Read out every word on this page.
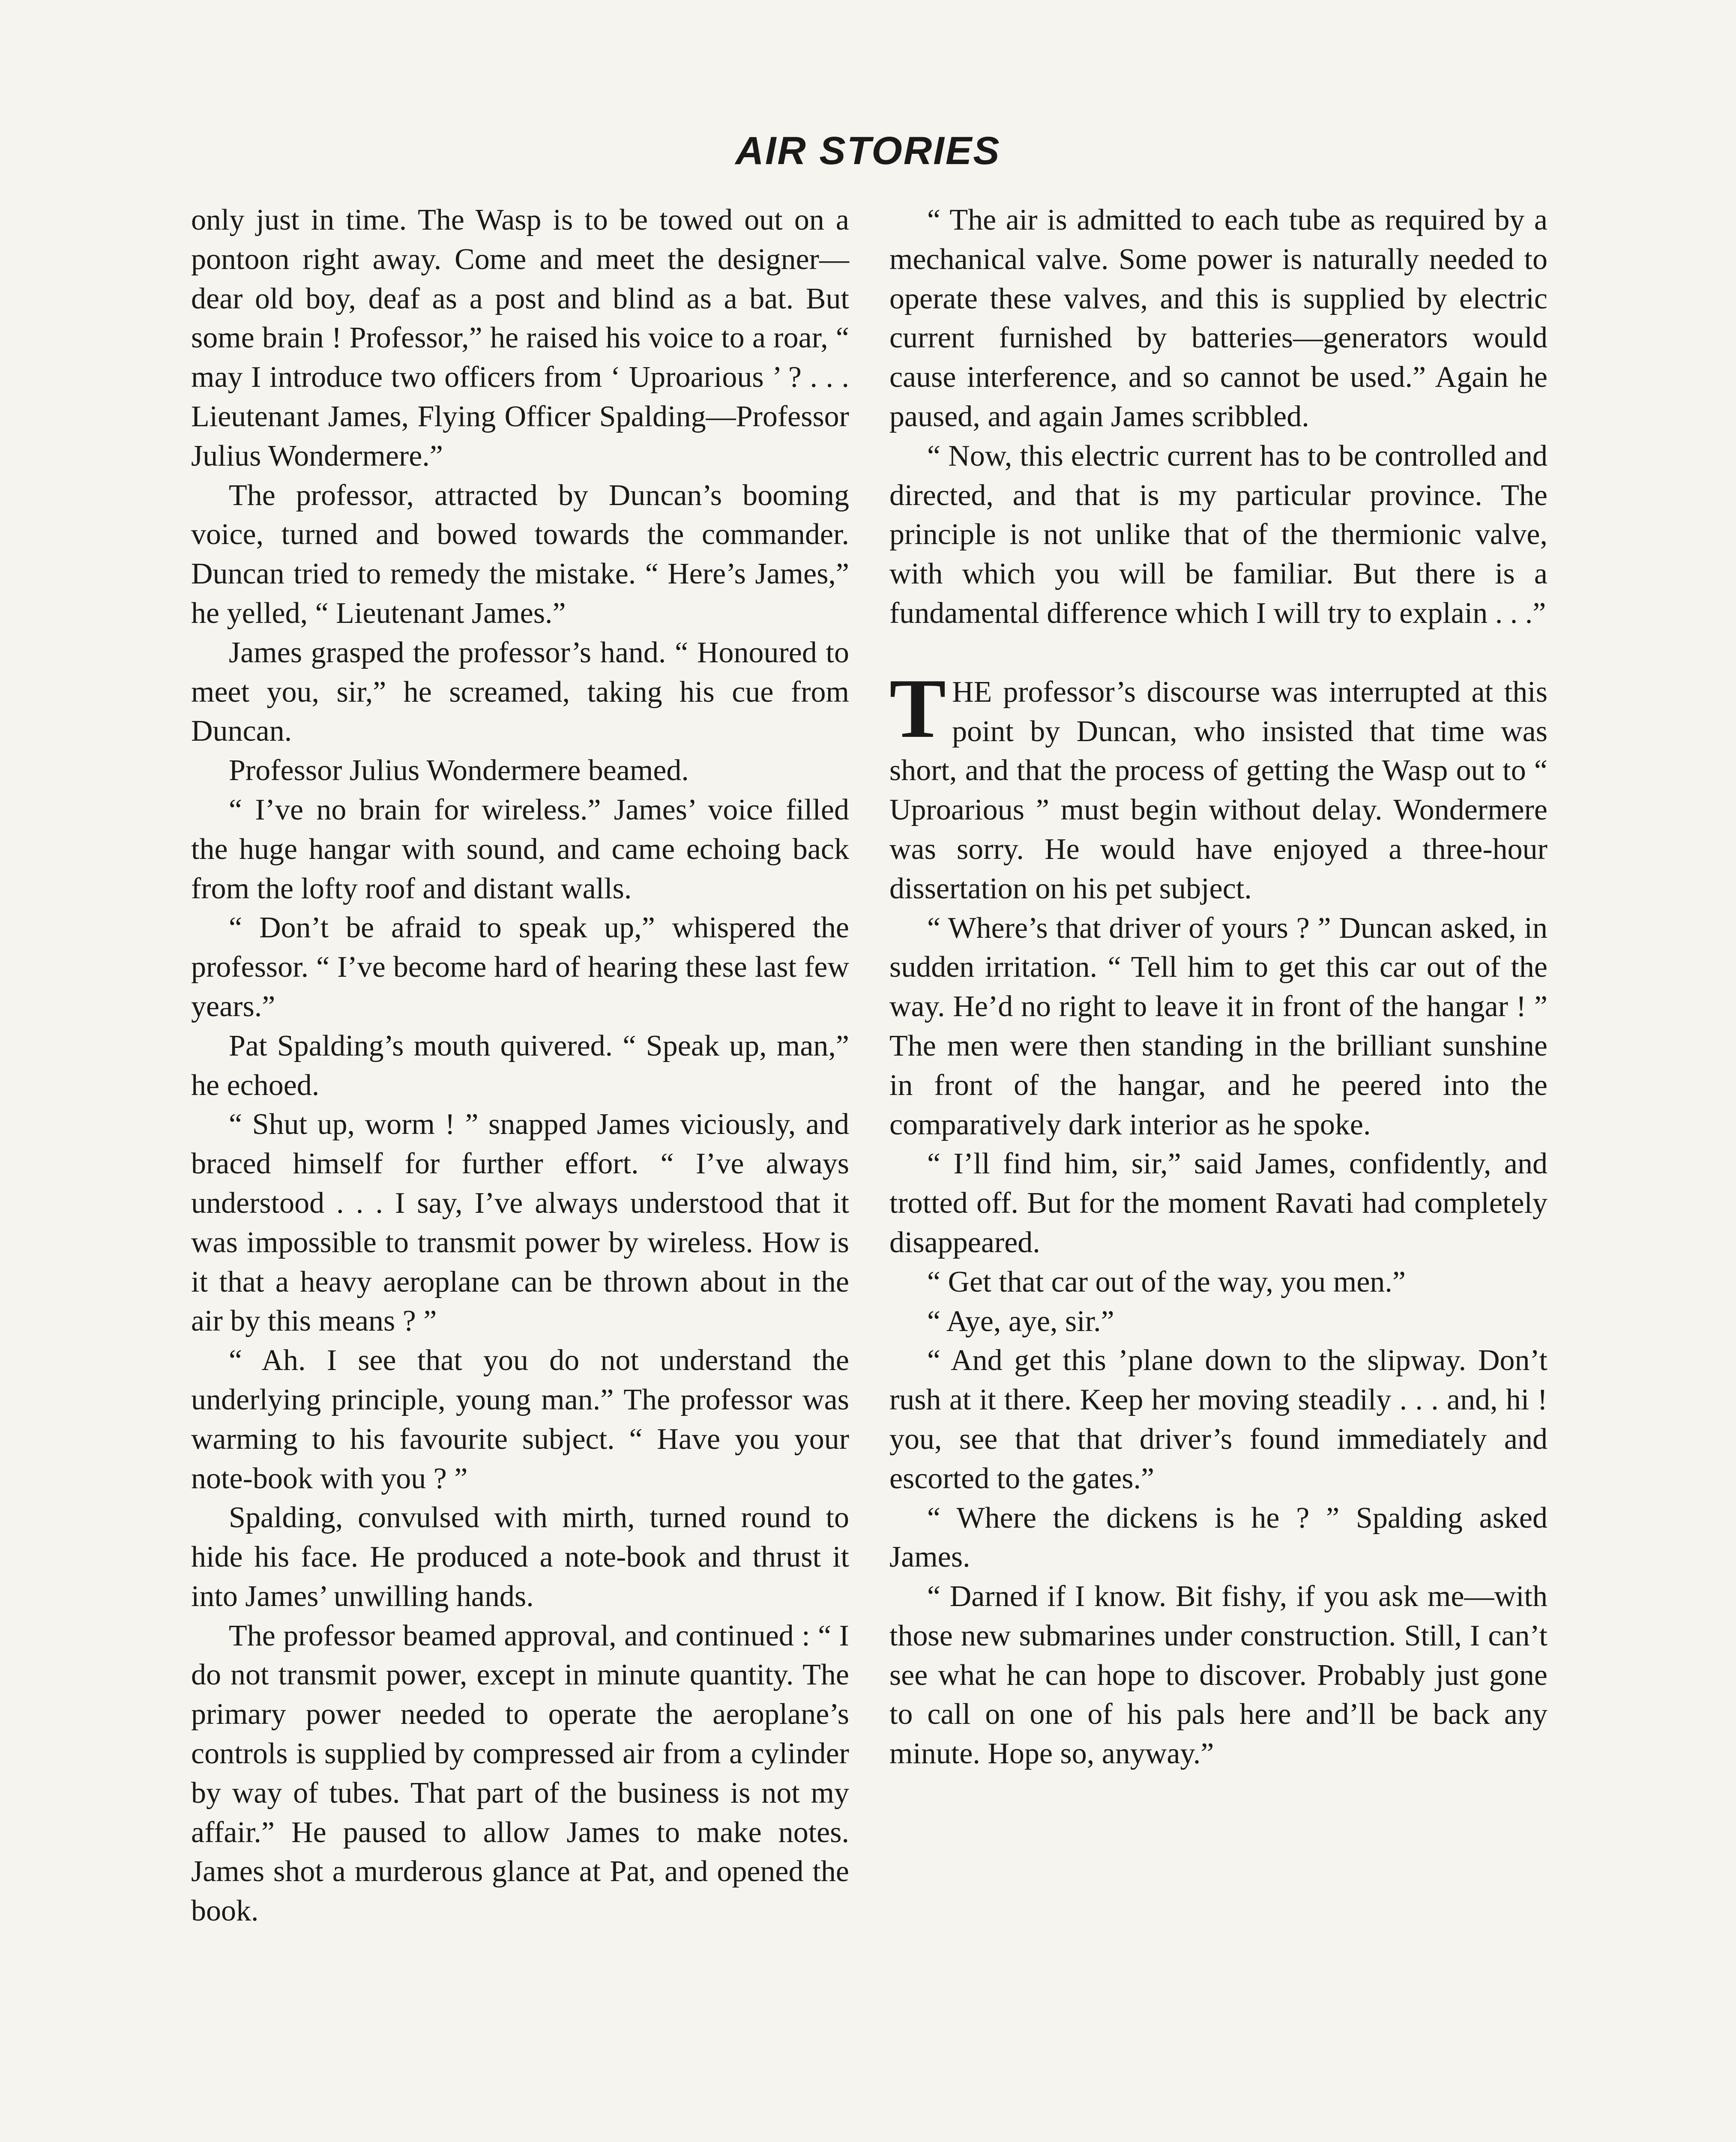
AIR STORIES

only just in time. The Wasp is to be towed out on a pontoon right away. Come and meet the designer—dear old boy, deaf as a post and blind as a bat. But some brain ! Professor,” he raised his voice to a roar, “ may I introduce two officers from ‘ Uproarious ’ ? . . . Lieutenant James, Flying Officer Spalding—Professor Julius Wondermere.”

The professor, attracted by Duncan’s booming voice, turned and bowed towards the commander. Duncan tried to remedy the mistake. “ Here’s James,” he yelled, “ Lieutenant James.”

James grasped the professor’s hand. “ Honoured to meet you, sir,” he screamed, taking his cue from Duncan.

Professor Julius Wondermere beamed.

“ I’ve no brain for wireless.” James’ voice filled the huge hangar with sound, and came echoing back from the lofty roof and distant walls.

“ Don’t be afraid to speak up,” whispered the professor. “ I’ve become hard of hearing these last few years.”

Pat Spalding’s mouth quivered. “ Speak up, man,” he echoed.

“ Shut up, worm ! ” snapped James viciously, and braced himself for further effort. “ I’ve always understood . . . I say, I’ve always understood that it was impossible to transmit power by wireless. How is it that a heavy aeroplane can be thrown about in the air by this means ? ”

“ Ah. I see that you do not understand the underlying principle, young man.” The professor was warming to his favourite subject. “ Have you your note-book with you ? ”

Spalding, convulsed with mirth, turned round to hide his face. He produced a note-book and thrust it into James’ unwilling hands.

The professor beamed approval, and continued : “ I do not transmit power, except in minute quantity. The primary power needed to operate the aeroplane’s controls is supplied by compressed air from a cylinder by way of tubes. That part of the business is not my affair.” He paused to allow James to make notes. James shot a murderous glance at Pat, and opened the book.

“ The air is admitted to each tube as required by a mechanical valve. Some power is naturally needed to operate these valves, and this is supplied by electric current furnished by batteries—generators would cause interference, and so cannot be used.” Again he paused, and again James scribbled.

“ Now, this electric current has to be controlled and directed, and that is my particular province. The principle is not unlike that of the thermionic valve, with which you will be familiar. But there is a fundamental difference which I will try to explain . . .”

THE professor’s discourse was interrupted at this point by Duncan, who insisted that time was short, and that the process of getting the Wasp out to “ Uproarious ” must begin without delay. Wondermere was sorry. He would have enjoyed a three-hour dissertation on his pet subject.

“ Where’s that driver of yours ? ” Duncan asked, in sudden irritation. “ Tell him to get this car out of the way. He’d no right to leave it in front of the hangar ! ” The men were then standing in the brilliant sunshine in front of the hangar, and he peered into the comparatively dark interior as he spoke.

“ I’ll find him, sir,” said James, confidently, and trotted off. But for the moment Ravati had completely disappeared.

“ Get that car out of the way, you men.”

“ Aye, aye, sir.”

“ And get this ’plane down to the slipway. Don’t rush at it there. Keep her moving steadily . . . and, hi ! you, see that that driver’s found immediately and escorted to the gates.”

“ Where the dickens is he ? ” Spalding asked James.

“ Darned if I know. Bit fishy, if you ask me—with those new submarines under construction. Still, I can’t see what he can hope to discover. Probably just gone to call on one of his pals here and’ll be back any minute. Hope so, anyway.”
